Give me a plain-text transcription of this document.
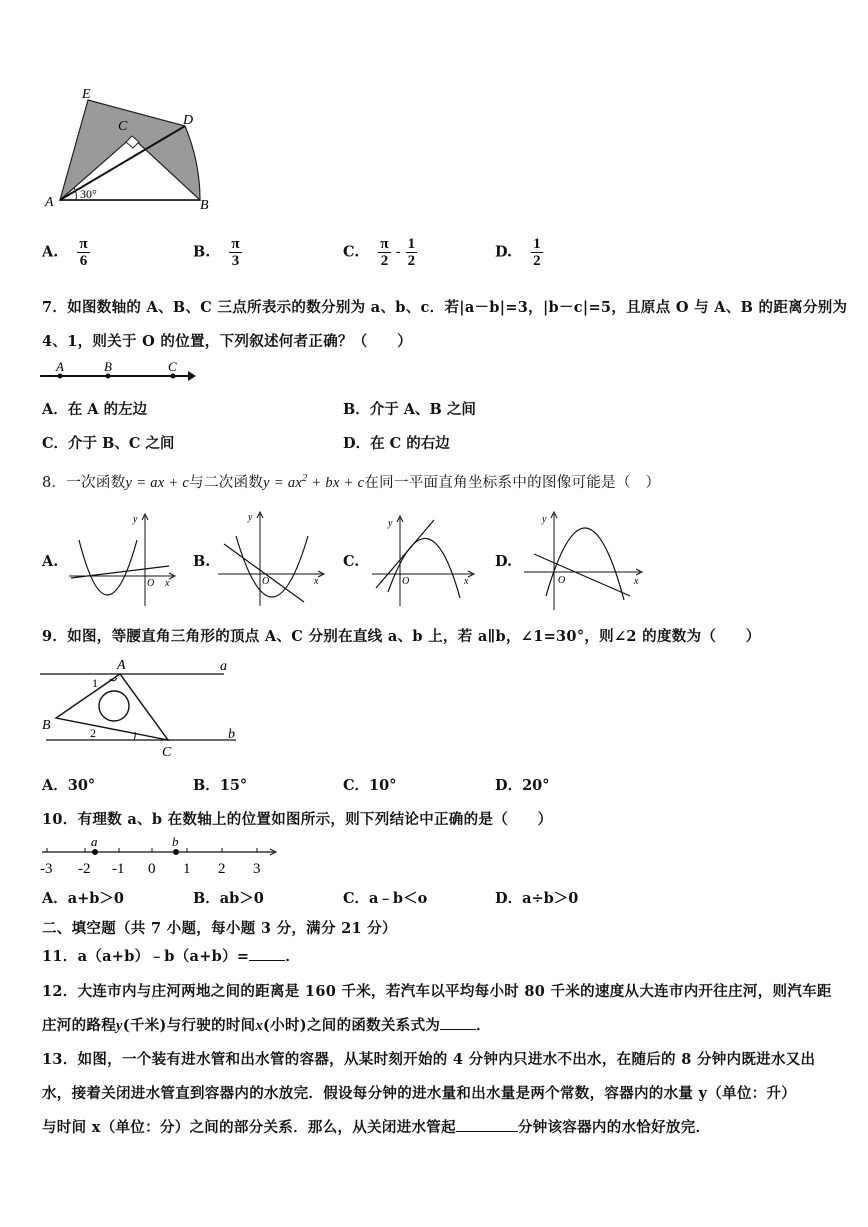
E
C	D
A	B
30°
A. $\frac{\pi}{6}$	B. $\frac{\pi}{3}$	C. $\frac{\pi}{2} - \frac{1}{2}$	D. $\frac{1}{2}$
7．如图数轴的 A、B、C 三点所表示的数分别为 a、b、c．若|a－b|=3，|b－c|=5，且原点 O 与 A、B 的距离分别为
4、1，则关于 O 的位置，下列叙述何者正确？（　　）
A	B	C
A．在 A 的左边	B．介于 A、B 之间
C．介于 B、C 之间	D．在 C 的右边
8．一次函数y = ax + c与二次函数$y = ax^2$ + bx + c在同一平面直角坐标系中的图像可能是（　）
A.
y
O x
B.
y
O	x
C.
y
O	x
D.
y
O	x
9．如图，等腰直角三角形的顶点 A、C 分别在直线 a、b 上，若 a∥b，∠1=30°，则∠2 的度数为（　　）
A	a
1
B	2
C
b
A．30°	B．15°	C．10°	D．20°
10．有理数 a、b 在数轴上的位置如图所示，则下列结论中正确的是（　　）
a	b
-3 -2 -1 0 1 2 3
A．a+b＞0	B．ab＞0	C．a﹣b＜o	D．a÷b＞0
二、填空题（共 7 小题，每小题 3 分，满分 21 分）
11．a（a+b）﹣b（a+b）= ．
12．大连市内与庄河两地之间的距离是 160 千米，若汽车以平均每小时 80 千米的速度从大连市内开往庄河，则汽车距
庄河的路程y(千米)与行驶的时间x(小时)之间的函数关系式为 ．
13．如图，一个装有进水管和出水管的容器，从某时刻开始的 4 分钟内只进水不出水，在随后的 8 分钟内既进水又出
水，接着关闭进水管直到容器内的水放完．假设每分钟的进水量和出水量是两个常数，容器内的水量 y（单位：升）
与时间 x（单位：分）之间的部分关系．那么，从关闭进水管起	分钟该容器内的水恰好放完．
